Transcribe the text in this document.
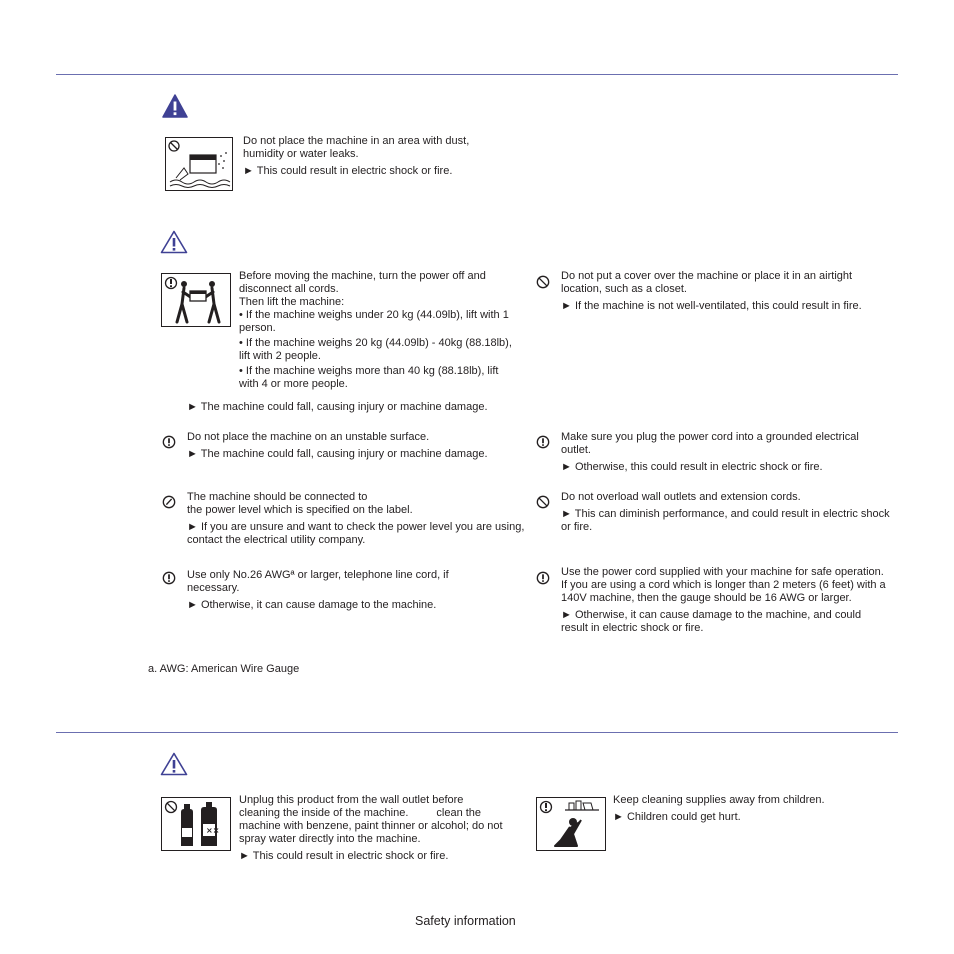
Do not place the machine in an area with dust, humidity or water leaks.

► This could result in electric shock or fire.

Before moving the machine, turn the power off and disconnect all cords.

Then lift the machine:

• If the machine weighs under 20 kg (44.09lb), lift with 1 person.

• If the machine weighs 20 kg (44.09lb) - 40kg (88.18lb), lift with 2 people.

• If the machine weighs more than 40 kg (88.18lb), lift with 4 or more people.

► The machine could fall, causing injury or machine damage.

Do not put a cover over the machine or place it in an airtight location, such as a closet.

► If the machine is not well-ventilated, this could result in fire.

Do not place the machine on an unstable surface.

► The machine could fall, causing injury or machine damage.

Make sure you plug the power cord into a grounded electrical outlet.

► Otherwise, this could result in electric shock or fire.

The machine should be connected to

the power level which is specified on the label.

► If you are unsure and want to check the power level you are using, contact the electrical utility company.

Do not overload wall outlets and extension cords.

► This can diminish performance, and could result in electric shock or fire.

Use only No.26 AWGª or larger, telephone line cord, if necessary.

► Otherwise, it can cause damage to the machine.

Use the power cord supplied with your machine for safe operation. If you are using a cord which is longer than 2 meters (6 feet) with a 140V machine, then the gauge should be 16 AWG or larger.

► Otherwise, it can cause damage to the machine, and could result in electric shock or fire.

a. AWG: American Wire Gauge
××

Unplug this product from the wall outlet before

cleaning the inside of the machine.	clean the

machine with benzene, paint thinner or alcohol; do not spray water directly into the machine.

► This could result in electric shock or fire.

Keep cleaning supplies away from children.

► Children could get hurt.

Safety information
